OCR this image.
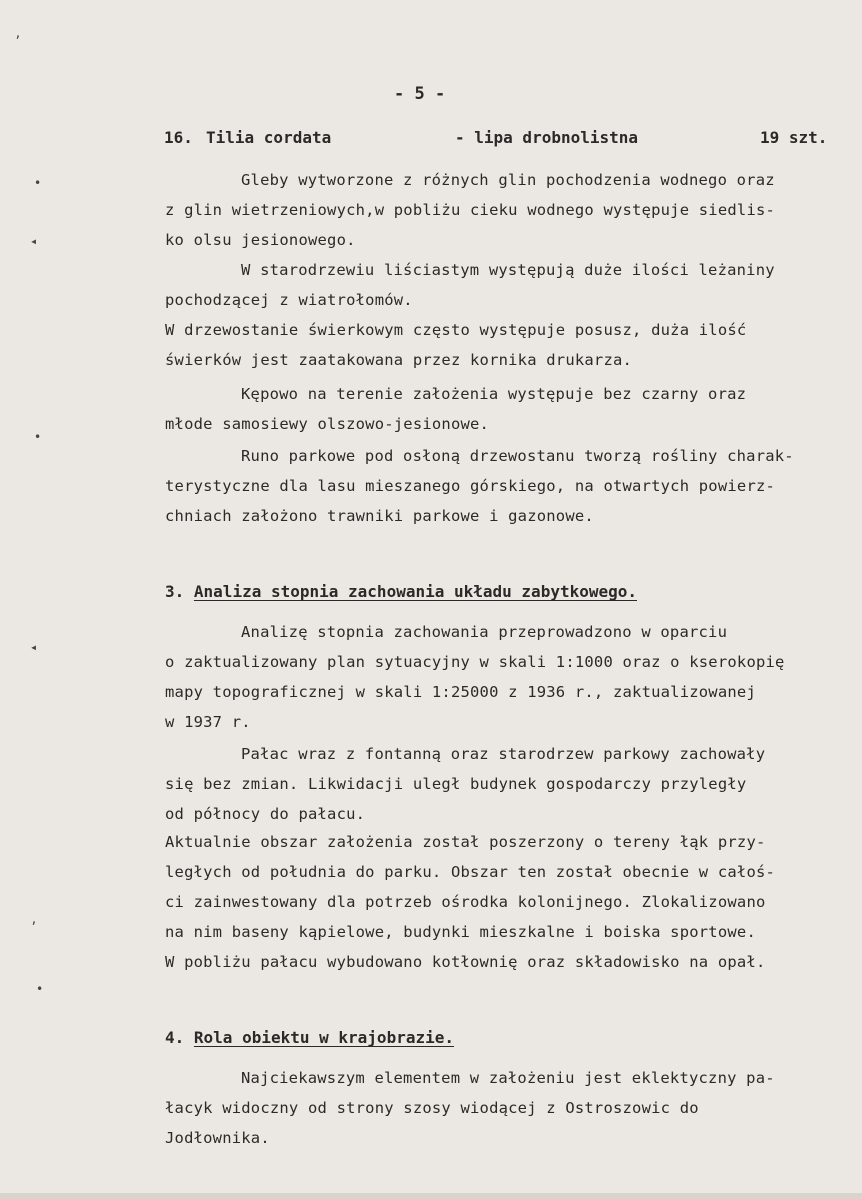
ʼ
•
◂
•
◂
ʼ
•
- 5 -
16. Tilia cordata	- lipa drobnolistna	19 szt.
Gleby wytworzone z różnych glin pochodzenia wodnego oraz
z glin wietrzeniowych,w pobliżu cieku wodnego występuje siedlis-
ko olsu jesionowego.
W starodrzewiu liściastym występują duże ilości leżaniny
pochodzącej z wiatrołomów.
W drzewostanie świerkowym często występuje posusz, duża ilość
świerków jest zaatakowana przez kornika drukarza.
Kępowo na terenie założenia występuje bez czarny oraz
młode samosiewy olszowo-jesionowe.
Runo parkowe pod osłoną drzewostanu tworzą rośliny charak-
terystyczne dla lasu mieszanego górskiego, na otwartych powierz-
chniach założono trawniki parkowe i gazonowe.
3. Analiza stopnia zachowania układu zabytkowego.
Analizę stopnia zachowania przeprowadzono w oparciu
o zaktualizowany plan sytuacyjny w skali 1:1000 oraz o kserokopię
mapy topograficznej w skali 1:25000 z 1936 r., zaktualizowanej
w 1937 r.
Pałac wraz z fontanną oraz starodrzew parkowy zachowały
się bez zmian. Likwidacji uległ budynek gospodarczy przyległy
od północy do pałacu.
Aktualnie obszar założenia został poszerzony o tereny łąk przy-
ległych od południa do parku. Obszar ten został obecnie w całoś-
ci zainwestowany dla potrzeb ośrodka kolonijnego. Zlokalizowano
na nim baseny kąpielowe, budynki mieszkalne i boiska sportowe.
W pobliżu pałacu wybudowano kotłownię oraz składowisko na opał.
4. Rola obiektu w krajobrazie.
Najciekawszym elementem w założeniu jest eklektyczny pa-
łacyk widoczny od strony szosy wiodącej z Ostroszowic do
Jodłownika.
